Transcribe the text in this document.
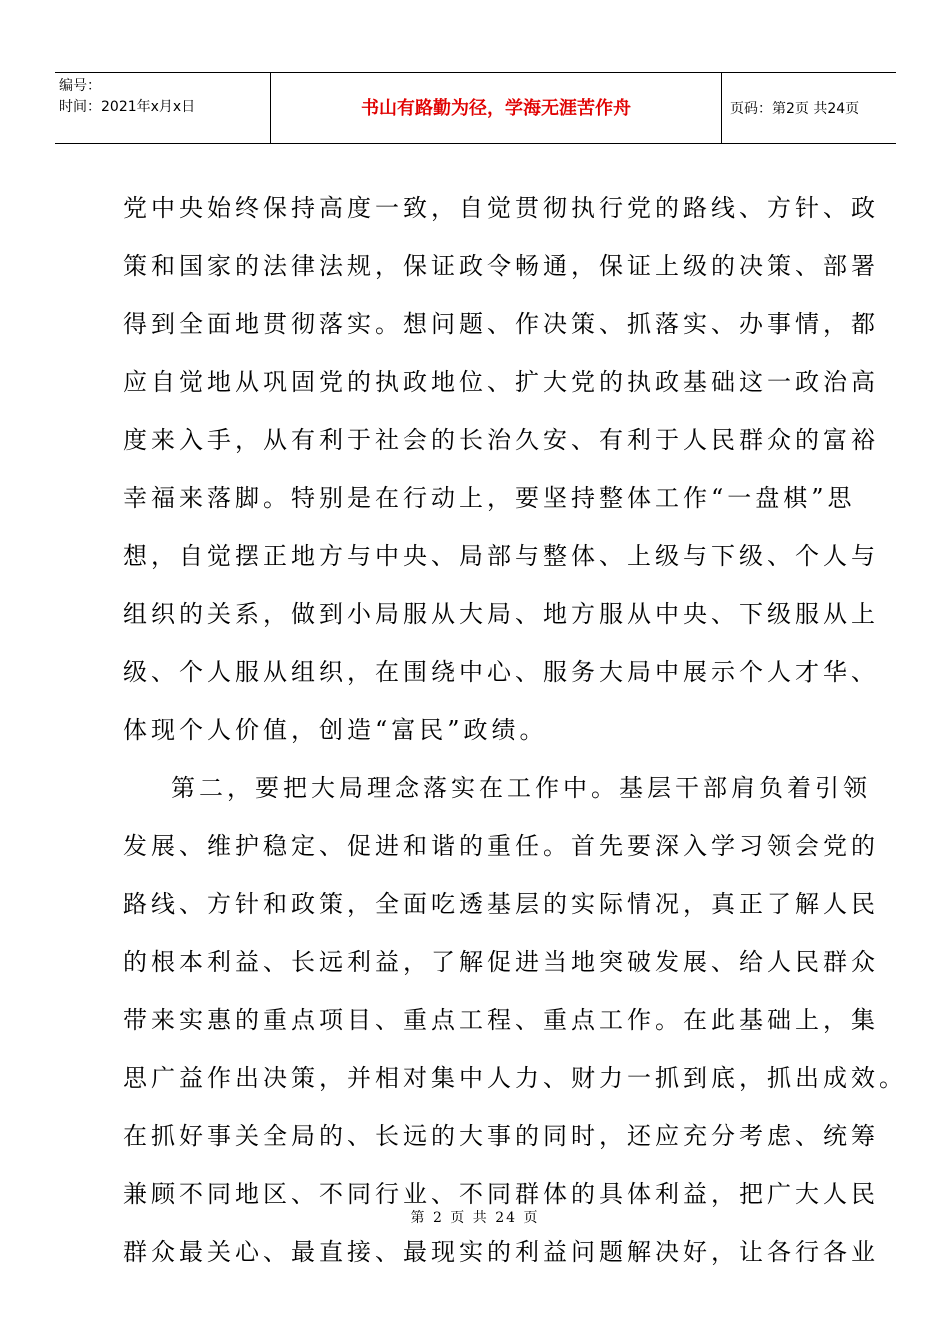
编号：
时间：2021年x月x日	书山有路勤为径，学海无涯苦作舟	页码：第2页 共24页
党中央始终保持高度一致，自觉贯彻执行党的路线、方针、政
策和国家的法律法规，保证政令畅通，保证上级的决策、部署
得到全面地贯彻落实。想问题、作决策、抓落实、办事情，都
应自觉地从巩固党的执政地位、扩大党的执政基础这一政治高
度来入手，从有利于社会的长治久安、有利于人民群众的富裕
幸福来落脚。特别是在行动上，要坚持整体工作“一盘棋”思
想，自觉摆正地方与中央、局部与整体、上级与下级、个人与
组织的关系，做到小局服从大局、地方服从中央、下级服从上
级、个人服从组织，在围绕中心、服务大局中展示个人才华、
体现个人价值，创造“富民”政绩。
第二，要把大局理念落实在工作中。基层干部肩负着引领
发展、维护稳定、促进和谐的重任。首先要深入学习领会党的
路线、方针和政策，全面吃透基层的实际情况，真正了解人民
的根本利益、长远利益，了解促进当地突破发展、给人民群众
带来实惠的重点项目、重点工程、重点工作。在此基础上，集
思广益作出决策，并相对集中人力、财力一抓到底，抓出成效。
在抓好事关全局的、长远的大事的同时，还应充分考虑、统筹
兼顾不同地区、不同行业、不同群体的具体利益，把广大人民
群众最关心、最直接、最现实的利益问题解决好，让各行各业
第 2 页 共 24 页
